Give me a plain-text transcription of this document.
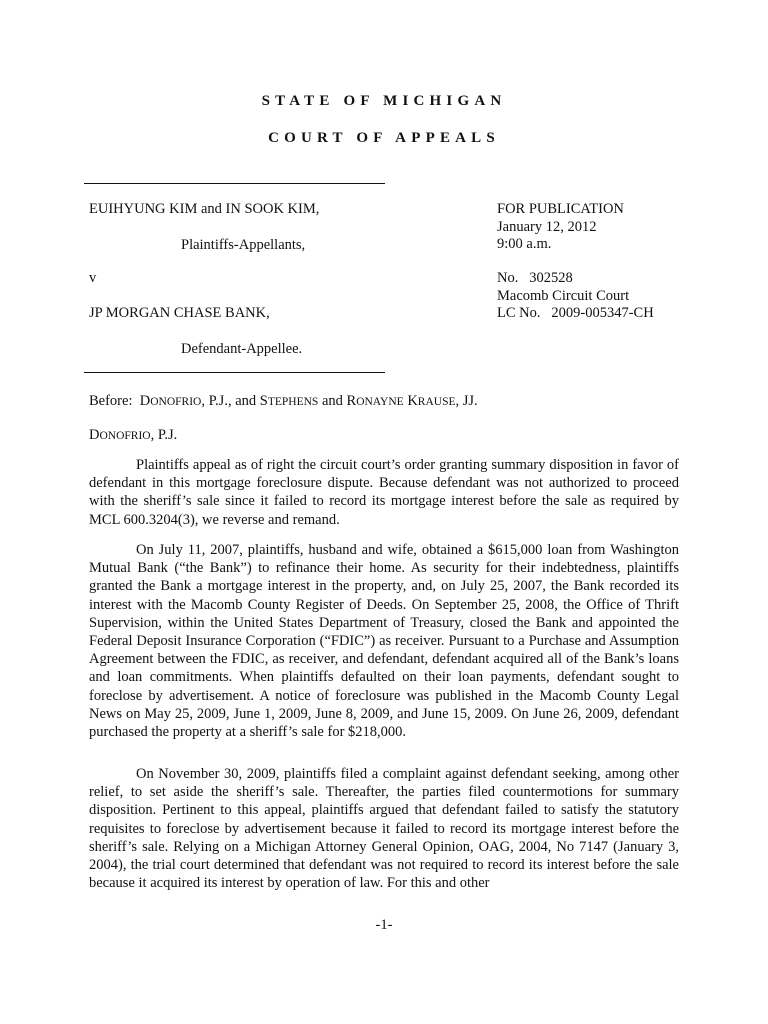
STATE OF MICHIGAN
COURT OF APPEALS
EUIHYUNG KIM and IN SOOK KIM,
Plaintiffs-Appellants,
v
JP MORGAN CHASE BANK,
Defendant-Appellee.
FOR PUBLICATION
January 12, 2012
9:00 a.m.
No.   302528
Macomb Circuit Court
LC No.   2009-005347-CH
Before:  DONOFRIO, P.J., and STEPHENS and RONAYNE KRAUSE, JJ.
DONOFRIO, P.J.

Plaintiffs appeal as of right the circuit court’s order granting summary disposition in favor of defendant in this mortgage foreclosure dispute. Because defendant was not authorized to proceed with the sheriff’s sale since it failed to record its mortgage interest before the sale as required by MCL 600.3204(3), we reverse and remand.

On July 11, 2007, plaintiffs, husband and wife, obtained a $615,000 loan from Washington Mutual Bank (“the Bank”) to refinance their home. As security for their indebtedness, plaintiffs granted the Bank a mortgage interest in the property, and, on July 25, 2007, the Bank recorded its interest with the Macomb County Register of Deeds. On September 25, 2008, the Office of Thrift Supervision, within the United States Department of Treasury, closed the Bank and appointed the Federal Deposit Insurance Corporation (“FDIC”) as receiver. Pursuant to a Purchase and Assumption Agreement between the FDIC, as receiver, and defendant, defendant acquired all of the Bank’s loans and loan commitments. When plaintiffs defaulted on their loan payments, defendant sought to foreclose by advertisement. A notice of foreclosure was published in the Macomb County Legal News on May 25, 2009, June 1, 2009, June 8, 2009, and June 15, 2009. On June 26, 2009, defendant purchased the property at a sheriff’s sale for $218,000.

On November 30, 2009, plaintiffs filed a complaint against defendant seeking, among other relief, to set aside the sheriff’s sale. Thereafter, the parties filed countermotions for summary disposition. Pertinent to this appeal, plaintiffs argued that defendant failed to satisfy the statutory requisites to foreclose by advertisement because it failed to record its mortgage interest before the sheriff’s sale. Relying on a Michigan Attorney General Opinion, OAG, 2004, No 7147 (January 3, 2004), the trial court determined that defendant was not required to record its interest before the sale because it acquired its interest by operation of law. For this and other

-1-
